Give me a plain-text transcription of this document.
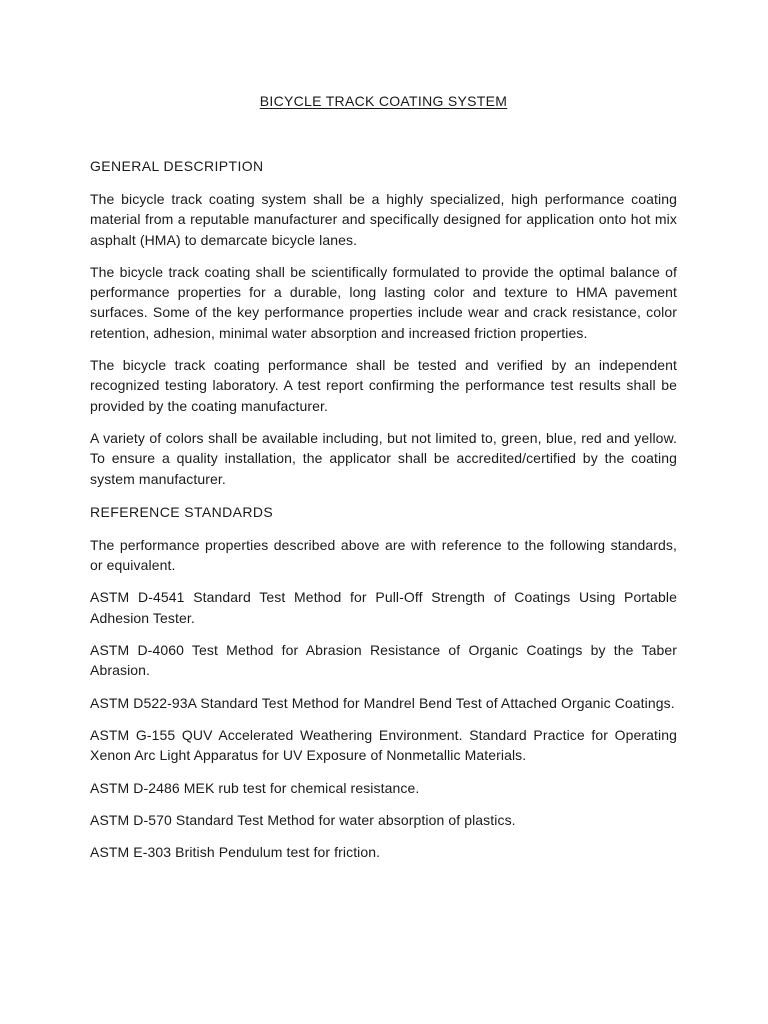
BICYCLE TRACK COATING SYSTEM
GENERAL DESCRIPTION

The bicycle track coating system shall be a highly specialized, high performance coating material from a reputable manufacturer and specifically designed for application onto hot mix asphalt (HMA) to demarcate bicycle lanes.

The bicycle track coating shall be scientifically formulated to provide the optimal balance of performance properties for a durable, long lasting color and texture to HMA pavement surfaces. Some of the key performance properties include wear and crack resistance, color retention, adhesion, minimal water absorption and increased friction properties.

The bicycle track coating performance shall be tested and verified by an independent recognized testing laboratory. A test report confirming the performance test results shall be provided by the coating manufacturer.

A variety of colors shall be available including, but not limited to, green, blue, red and yellow. To ensure a quality installation, the applicator shall be accredited/certified by the coating system manufacturer.

REFERENCE STANDARDS

The performance properties described above are with reference to the following standards, or equivalent.

ASTM D-4541 Standard Test Method for Pull-Off Strength of Coatings Using Portable Adhesion Tester.

ASTM D-4060 Test Method for Abrasion Resistance of Organic Coatings by the Taber Abrasion.

ASTM D522-93A Standard Test Method for Mandrel Bend Test of Attached Organic Coatings.

ASTM G-155 QUV Accelerated Weathering Environment. Standard Practice for Operating Xenon Arc Light Apparatus for UV Exposure of Nonmetallic Materials.

ASTM D-2486 MEK rub test for chemical resistance.

ASTM D-570 Standard Test Method for water absorption of plastics.

ASTM E-303 British Pendulum test for friction.
